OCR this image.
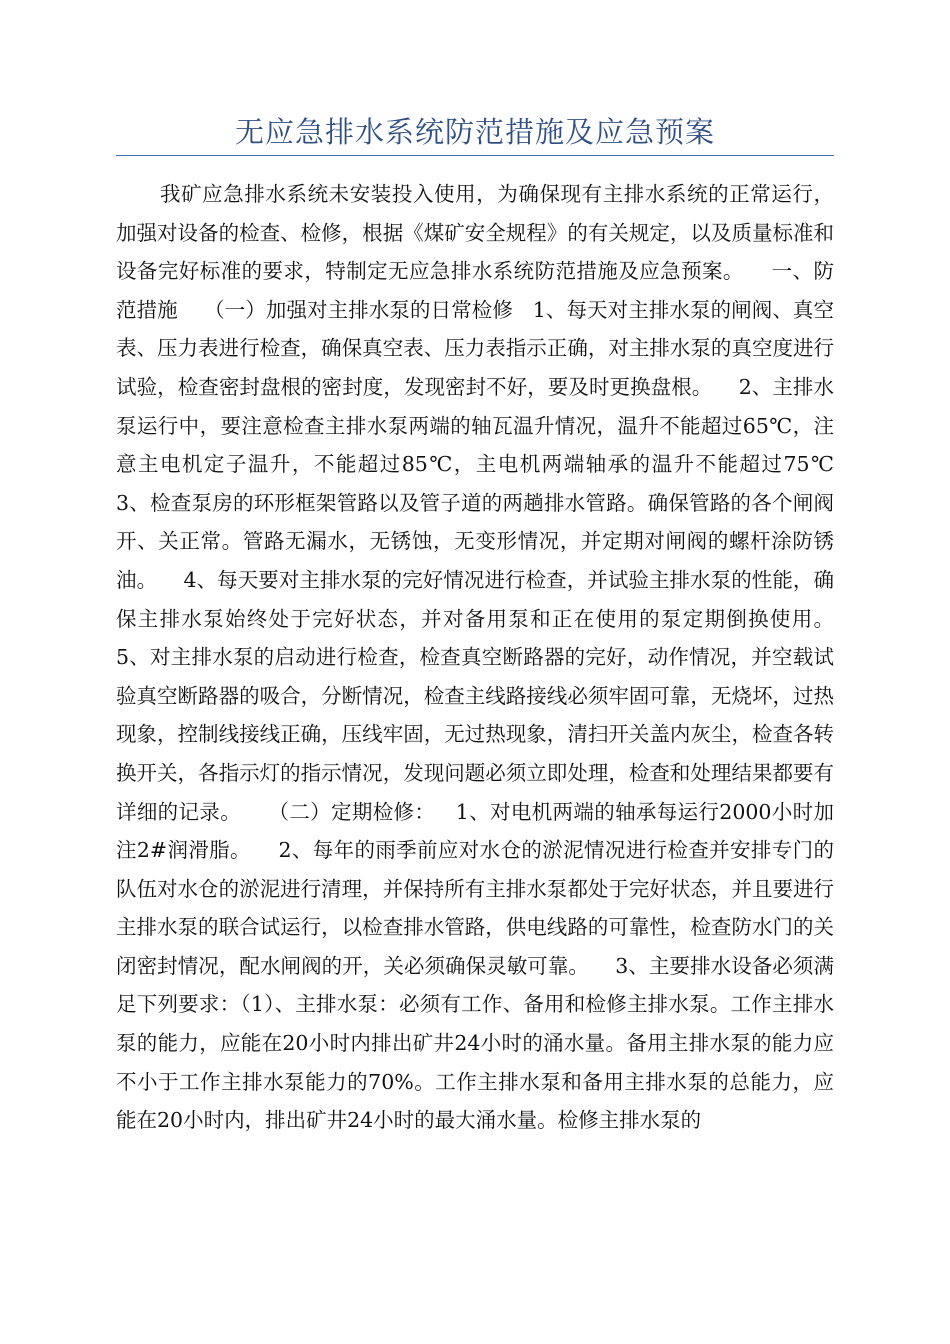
无应急排水系统防范措施及应急预案

我矿应急排水系统未安装投入使用，为确保现有主排水系统的正常运行，加强对设备的检查、检修，根据《煤矿安全规程》的有关规定，以及质量标准和设备完好标准的要求，特制定无应急排水系统防范措施及应急预案。    一、防范措施    （一）加强对主排水泵的日常检修   1、每天对主排水泵的闸阀、真空表、压力表进行检查，确保真空表、压力表指示正确，对主排水泵的真空度进行试验，检查密封盘根的密封度，发现密封不好，要及时更换盘根。    2、主排水泵运行中，要注意检查主排水泵两端的轴瓦温升情况，温升不能超过65℃，注意主电机定子温升，不能超过85℃，主电机两端轴承的温升不能超过75℃   3、检查泵房的环形框架管路以及管子道的两趟排水管路。确保管路的各个闸阀开、关正常。管路无漏水，无锈蚀，无变形情况，并定期对闸阀的螺杆涂防锈油。    4、每天要对主排水泵的完好情况进行检查，并试验主排水泵的性能，确保主排水泵始终处于完好状态，并对备用泵和正在使用的泵定期倒换使用。    5、对主排水泵的启动进行检查，检查真空断路器的完好，动作情况，并空载试验真空断路器的吸合，分断情况，检查主线路接线必须牢固可靠，无烧坏，过热现象，控制线接线正确，压线牢固，无过热现象，清扫开关盖内灰尘，检查各转换开关，各指示灯的指示情况，发现问题必须立即处理，检查和处理结果都要有详细的记录。    （二）定期检修：   1、对电机两端的轴承每运行2000小时加注2#润滑脂。    2、每年的雨季前应对水仓的淤泥情况进行检查并安排专门的队伍对水仓的淤泥进行清理，并保持所有主排水泵都处于完好状态，并且要进行主排水泵的联合试运行，以检查排水管路，供电线路的可靠性，检查防水门的关闭密封情况，配水闸阀的开，关必须确保灵敏可靠。    3、主要排水设备必须满足下列要求：（1）、主排水泵：必须有工作、备用和检修主排水泵。工作主排水泵的能力，应能在20小时内排出矿井24小时的涌水量。备用主排水泵的能力应不小于工作主排水泵能力的70%。工作主排水泵和备用主排水泵的总能力，应能在20小时内，排出矿井24小时的最大涌水量。检修主排水泵的
